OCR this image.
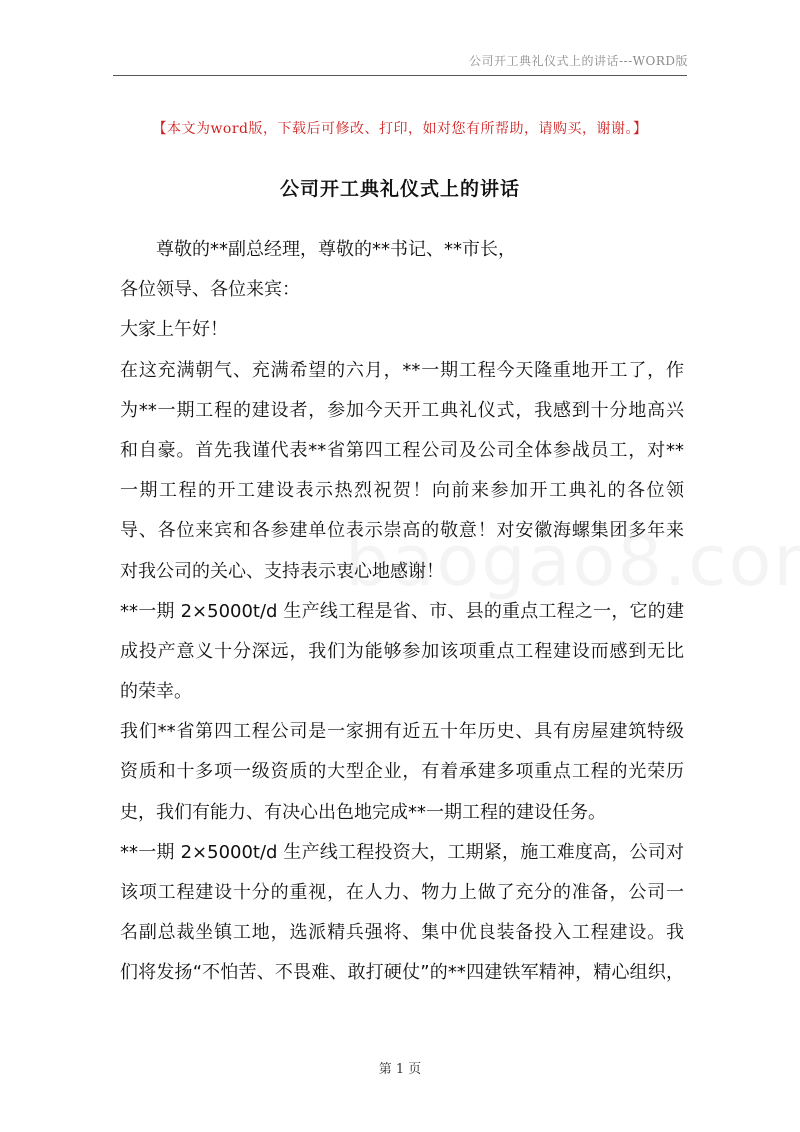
公司开工典礼仪式上的讲话---WORD版
【本文为word版，下载后可修改、打印，如对您有所帮助，请购买，谢谢。】
公司开工典礼仪式上的讲话
尊敬的**副总经理，尊敬的**书记、**市长，
各位领导、各位来宾：
大家上午好！
在这充满朝气、充满希望的六月，**一期工程今天隆重地开工了，作
为**一期工程的建设者，参加今天开工典礼仪式，我感到十分地高兴
和自豪。首先我谨代表**省第四工程公司及公司全体参战员工，对**
一期工程的开工建设表示热烈祝贺！向前来参加开工典礼的各位领
导、各位来宾和各参建单位表示崇高的敬意！对安徽海螺集团多年来
对我公司的关心、支持表示衷心地感谢！
**一期 2×5000t/d 生产线工程是省、市、县的重点工程之一，它的建
成投产意义十分深远，我们为能够参加该项重点工程建设而感到无比
的荣幸。
我们**省第四工程公司是一家拥有近五十年历史、具有房屋建筑特级
资质和十多项一级资质的大型企业，有着承建多项重点工程的光荣历
史，我们有能力、有决心出色地完成**一期工程的建设任务。
**一期 2×5000t/d 生产线工程投资大，工期紧，施工难度高，公司对
该项工程建设十分的重视，在人力、物力上做了充分的准备，公司一
名副总裁坐镇工地，选派精兵强将、集中优良装备投入工程建设。我
们将发扬“不怕苦、不畏难、敢打硬仗”的**四建铁军精神，精心组织，
第 1 页
